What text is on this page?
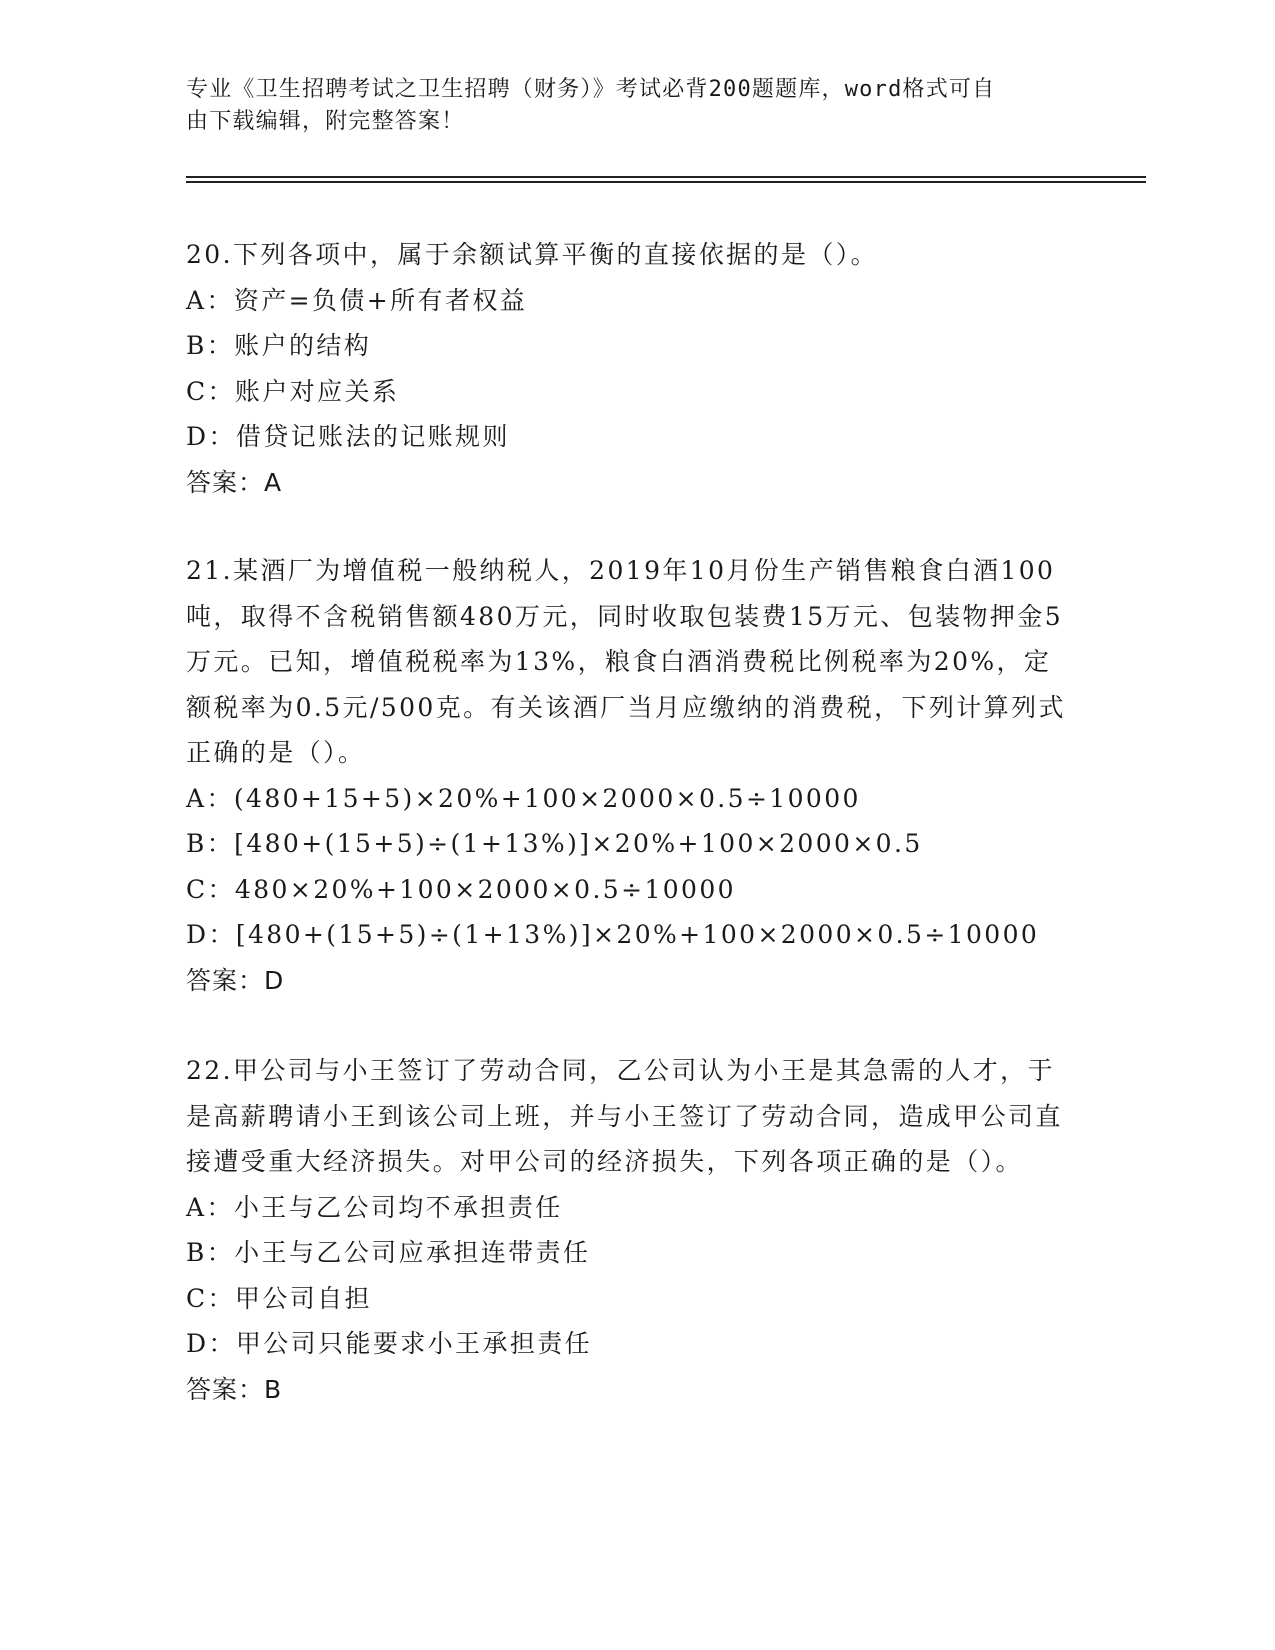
专业《卫生招聘考试之卫生招聘（财务）》考试必背200题题库，word格式可自
由下载编辑，附完整答案！

20.下列各项中，属于余额试算平衡的直接依据的是（）。

A：资产=负债+所有者权益

B：账户的结构

C：账户对应关系

D：借贷记账法的记账规则

答案：A

21.某酒厂为增值税一般纳税人，2019年10月份生产销售粮食白酒100吨，取得不含税销售额480万元，同时收取包装费15万元、包装物押金5万元。已知，增值税税率为13%，粮食白酒消费税比例税率为20%，定额税率为0.5元/500克。有关该酒厂当月应缴纳的消费税，下列计算列式正确的是（）。

A：(480+15+5)×20%+100×2000×0.5÷10000

B：[480+(15+5)÷(1+13%)]×20%+100×2000×0.5

C：480×20%+100×2000×0.5÷10000

D：[480+(15+5)÷(1+13%)]×20%+100×2000×0.5÷10000

答案：D

22.甲公司与小王签订了劳动合同，乙公司认为小王是其急需的人才，于是高薪聘请小王到该公司上班，并与小王签订了劳动合同，造成甲公司直接遭受重大经济损失。对甲公司的经济损失，下列各项正确的是（）。

A：小王与乙公司均不承担责任

B：小王与乙公司应承担连带责任

C：甲公司自担

D：甲公司只能要求小王承担责任

答案：B
